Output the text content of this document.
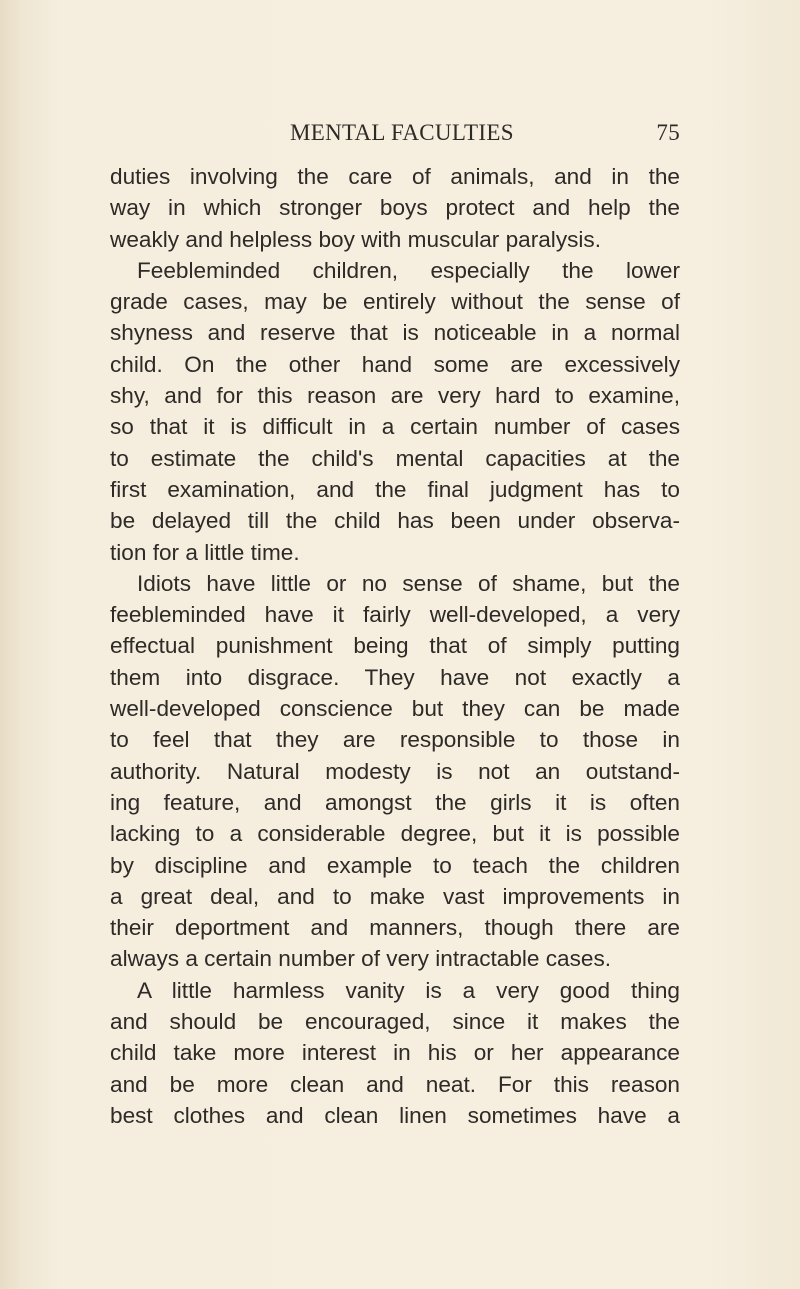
MENTAL FACULTIES	75
duties involving the care of animals, and in the
way in which stronger boys protect and help the
weakly and helpless boy with muscular paralysis.
Feebleminded children, especially the lower
grade cases, may be entirely without the sense of
shyness and reserve that is noticeable in a normal
child. On the other hand some are excessively
shy, and for this reason are very hard to examine,
so that it is difficult in a certain number of cases
to estimate the child's mental capacities at the
first examination, and the final judgment has to
be delayed till the child has been under observa-
tion for a little time.
Idiots have little or no sense of shame, but the
feebleminded have it fairly well-developed, a very
effectual punishment being that of simply putting
them into disgrace. They have not exactly a
well-developed conscience but they can be made
to feel that they are responsible to those in
authority. Natural modesty is not an outstand-
ing feature, and amongst the girls it is often
lacking to a considerable degree, but it is possible
by discipline and example to teach the children
a great deal, and to make vast improvements in
their deportment and manners, though there are
always a certain number of very intractable cases.
A little harmless vanity is a very good thing
and should be encouraged, since it makes the
child take more interest in his or her appearance
and be more clean and neat. For this reason
best clothes and clean linen sometimes have a
